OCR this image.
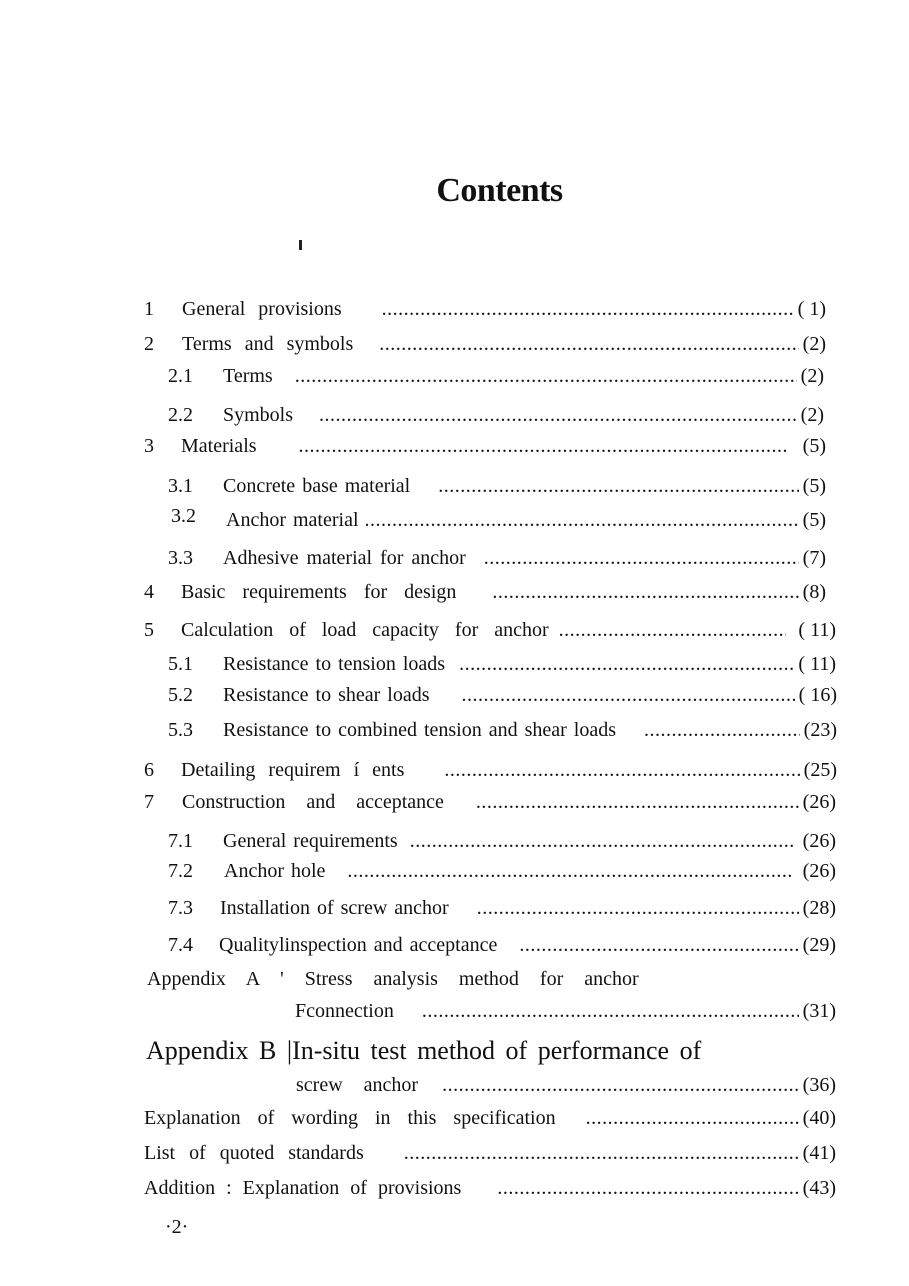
Contents
1	General provisions .....	( 1)
2	Terms and symbols .....	(2)
2.1	Terms .....	(2)
2.2	Symbols .....	(2)
3	Materials .....	(5)
3.1	Concrete base material .....	(5)
3.2	Anchor material .....	(5)
3.3	Adhesive material for anchor .....	(7)
4	Basic requirements for design .....	(8)
5	Calculation of load capacity for anchor .....	( 11)
5.1	Resistance to tension loads .....	( 11)
5.2	Resistance to shear loads .....	( 16)
5.3	Resistance to combined tension and shear loads .....	(23)
6	Detailing requirem í ents .....	(25)
7	Construction and acceptance .....	(26)
7.1	General requirements .....	(26)
7.2	Anchor hole .....	(26)
7.3	Installation of screw anchor .....	(28)
7.4	Qualitylinspection and acceptance .....	(29)
Appendix A ' Stress analysis method for anchor
Fconnection .....	(31)
Appendix B |In-situ test method of performance of
screw anchor .....	(36)
Explanation of wording in this specification .....	(40)
List of quoted standards .....	(41)
Addition : Explanation of provisions .....	(43)
·2·
